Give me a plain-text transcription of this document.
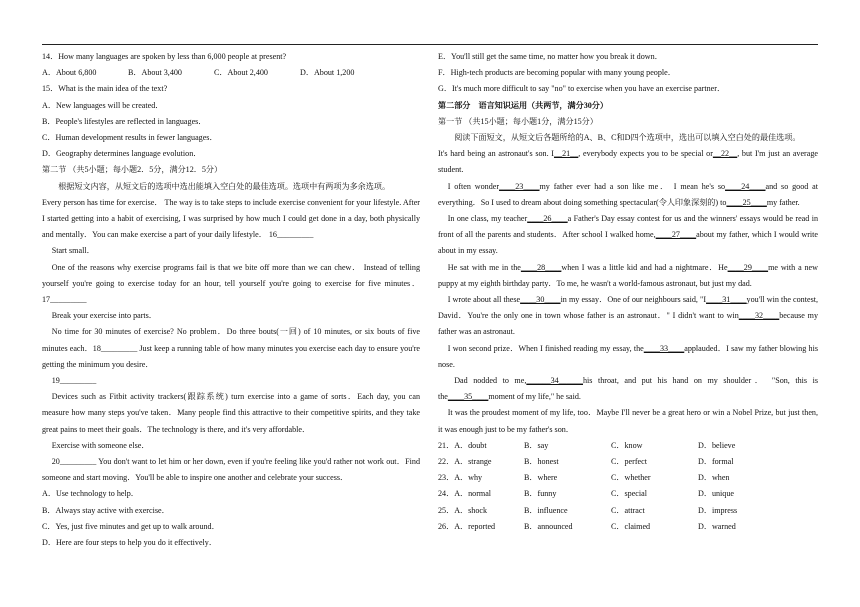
14．How many languages are spoken by less than 6,000 people at present?

A．About 6,800	B．About 3,400	C．About 2,400	D．About 1,200

15．What is the main idea of the text?

A．New languages will be created．

B．People's lifestyles are reflected in languages．

C．Human development results in fewer languages．

D．Geography determines language evolution．

第二节 （共5小题；每小题2．5分，满分12．5分）

根据短文内容，从短文后的选项中选出能填入空白处的最佳选项。选项中有两项为多余选项。

Every person has time for exercise． The way is to take steps to include exercise convenient for your lifestyle. After I started getting into a habit of exercising, I was surprised by how much I could get done in a day, both physically and mentally．You can make exercise a part of your daily lifestyle． 16_________

Start small．

One of the reasons why exercise programs fail is that we bite off more than we can chew． Instead of telling yourself you're going to exercise today for an hour, tell yourself you're going to exercise for five minutes．17_________

Break your exercise into parts．

No time for 30 minutes of exercise? No problem．Do three bouts(一回) of 10 minutes, or six bouts of five minutes each．18_________ Just keep a running table of how many minutes you exercise each day to ensure you're getting the minimum you desire．

19_________

Devices such as Fitbit activity trackers(跟踪系统) turn exercise into a game of sorts．Each day, you can measure how many steps you've taken．Many people find this attractive to their competitive spirits, and they take great pains to meet their goals．The technology is there, and it's very affordable．

Exercise with someone else．

20_________ You don't want to let him or her down, even if you're feeling like you'd rather not work out．Find someone and start moving．You'll be able to inspire one another and celebrate your success．

A．Use technology to help．

B．Always stay active with exercise．

C．Yes, just five minutes and get up to walk around．

D．Here are four steps to help you do it effectively．

E．You'll still get the same time, no matter how you break it down．

F．High-tech products are becoming popular with many young people．

G．It's much more difficult to say "no" to exercise when you have an exercise partner．

第二部分　语言知识运用（共两节，满分30分）

第一节 （共15小题；每小题1分，满分15分）

阅读下面短文，从短文后各题所给的A、B、C和D四个选项中，选出可以填入空白处的最佳选项。

It's hard being an astronaut's son. I__21__, everybody expects you to be special or__22__, but I'm just an average student.

I often wonder____23____my father ever had a son like me． I mean he's so____24____and so good at everything．So I used to dream about doing something spectacular(令人印象深刻的) to____25____my father.

In one class, my teacher____26____a Father's Day essay contest for us and the winners' essays would be read in front of all the parents and students．After school I walked home,____27____about my father, which I would write about in my essay.

He sat with me in the____28____when I was a little kid and had a nightmare．He____29____me with a new puppy at my eighth birthday party．To me, he wasn't a world-famous astronaut, but just my dad.

I wrote about all these____30____in my essay．One of our neighbours said, "I____31____you'll win the contest, David．You're the only one in town whose father is an astronaut．" I didn't want to win____32____because my father was an astronaut.

I won second prize．When I finished reading my essay, the____33____applauded．I saw my father blowing his nose.

Dad nodded to me,______34______his throat, and put his hand on my shoulder． "Son, this is the____35____moment of my life," he said.

It was the proudest moment of my life, too．Maybe I'll never be a great hero or win a Nobel Prize, but just then, it was enough just to be my father's son．

21．A．doubt	B．say	C．know	D．believe
22．A．strange	B．honest	C．perfect	D．formal
23．A．why	B．where	C．whether	D．when
24．A．normal	B．funny	C．special	D．unique
25．A．shock	B．influence	C．attract	D．impress
26．A．reported	B．announced	C．claimed	D．warned
